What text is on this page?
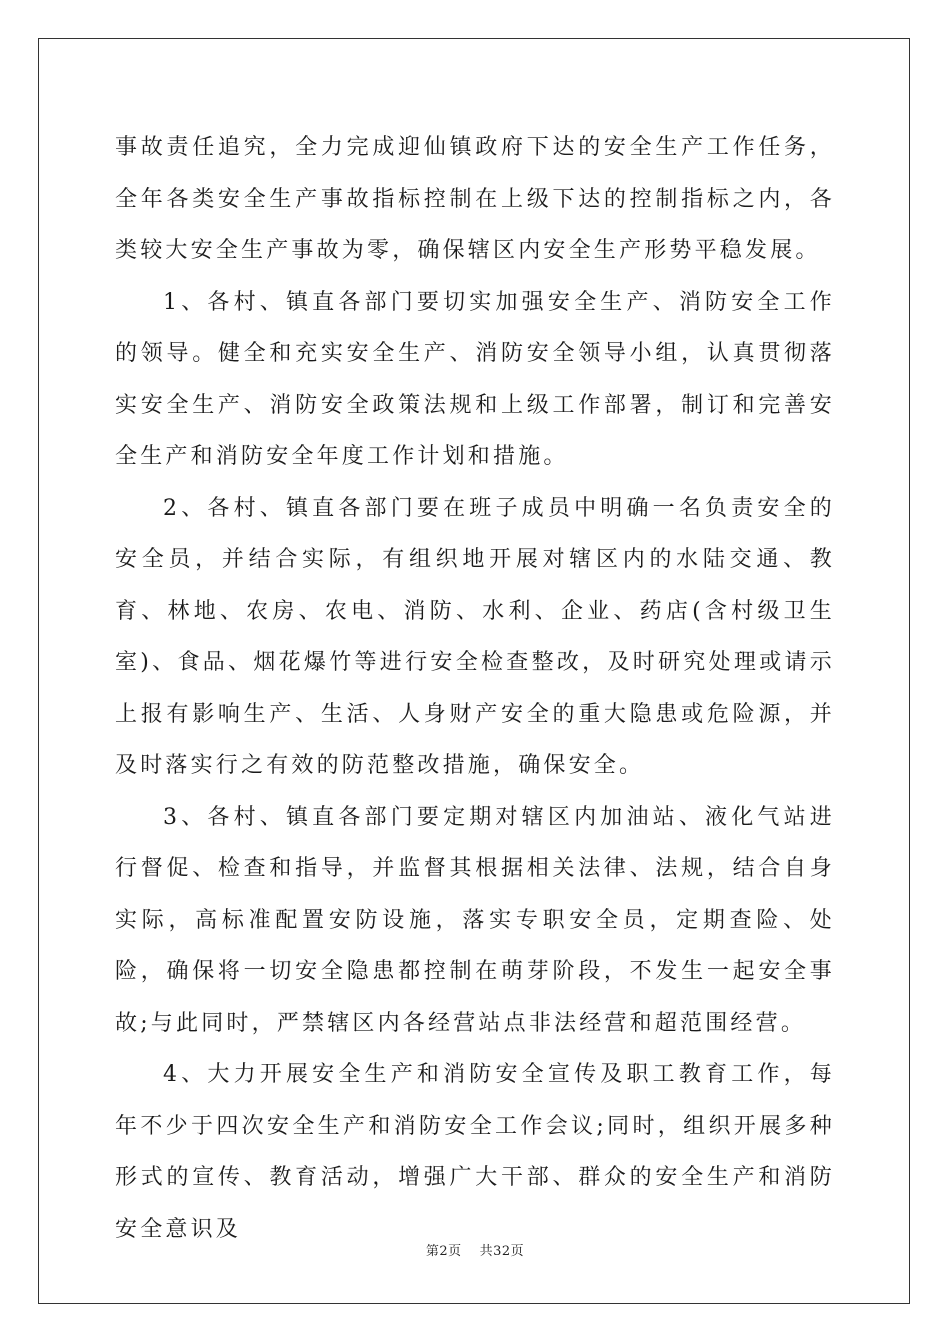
事故责任追究，全力完成迎仙镇政府下达的安全生产工作任务，全年各类安全生产事故指标控制在上级下达的控制指标之内，各类较大安全生产事故为零，确保辖区内安全生产形势平稳发展。

1、各村、镇直各部门要切实加强安全生产、消防安全工作的领导。健全和充实安全生产、消防安全领导小组，认真贯彻落实安全生产、消防安全政策法规和上级工作部署，制订和完善安全生产和消防安全年度工作计划和措施。

2、各村、镇直各部门要在班子成员中明确一名负责安全的安全员，并结合实际，有组织地开展对辖区内的水陆交通、教育、林地、农房、农电、消防、水利、企业、药店(含村级卫生室)、食品、烟花爆竹等进行安全检查整改，及时研究处理或请示上报有影响生产、生活、人身财产安全的重大隐患或危险源，并及时落实行之有效的防范整改措施，确保安全。

3、各村、镇直各部门要定期对辖区内加油站、液化气站进行督促、检查和指导，并监督其根据相关法律、法规，结合自身实际，高标准配置安防设施，落实专职安全员，定期查险、处险，确保将一切安全隐患都控制在萌芽阶段，不发生一起安全事故;与此同时，严禁辖区内各经营站点非法经营和超范围经营。

4、大力开展安全生产和消防安全宣传及职工教育工作，每年不少于四次安全生产和消防安全工作会议;同时，组织开展多种形式的宣传、教育活动，增强广大干部、群众的安全生产和消防安全意识及

第2页 共32页
